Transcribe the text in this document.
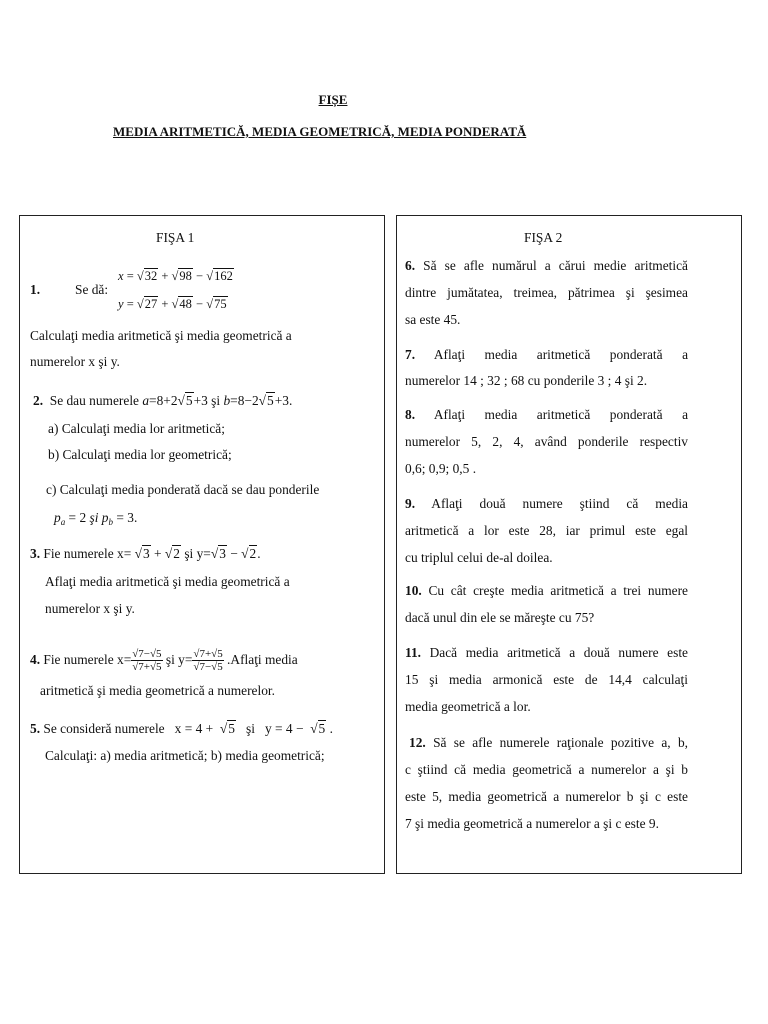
FIȘE
MEDIA ARITMETICĂ, MEDIA GEOMETRICĂ, MEDIA PONDERATĂ
FIŞA 1
1.	Se dă:
x = √32 + √98 − √162
y = √27 + √48 − √75
Calculaţi media aritmetică şi media geometrică a
numerelor x şi y.
2.  Se dau numerele a=8+2√5+3 şi b=8−2√5+3.
a) Calculaţi media lor aritmetică;
b) Calculaţi media lor geometrică;
c) Calculaţi media ponderată dacă se dau ponderile
$p_a = 2$ şi $p_b = 3$.
3. Fie numerele x= √3 + √2 şi y=√3 − √2.
Aflaţi media aritmetică şi media geometrică a
numerelor x şi y.
4. Fie numerele $x= \frac{√7-√5}{√7+√5}$ şi $y= \frac{√7+√5}{√7-√5}$ .Aflaţi media
aritmetică şi media geometrică a numerelor.
5. Se consideră numerele   x = 4 +  √5   şi   y = 4 −  √5 .
Calculaţi: a) media aritmetică; b) media geometrică;
FIŞA 2
6. Să se afle numărul a cărui medie aritmetică
dintre jumătatea, treimea, pătrimea şi şesimea
sa este 45.
7. Aflaţi media aritmetică ponderată a
numerelor 14 ; 32 ; 68 cu ponderile 3 ; 4 şi 2.
8. Aflaţi media aritmetică ponderată a
numerelor 5, 2, 4, având ponderile respectiv
0,6; 0,9; 0,5 .
9. Aflaţi două numere ştiind că media
aritmetică a lor este 28, iar primul este egal
cu triplul celui de-al doilea.
10. Cu cât creşte media aritmetică a trei numere
dacă unul din ele se măreşte cu 75?
11. Dacă media aritmetică a două numere este
15 şi media armonică este de 14,4 calculaţi
media geometrică a lor.
12. Să se afle numerele raţionale pozitive a, b,
c ştiind că media geometrică a numerelor a şi b
este 5, media geometrică a numerelor b şi c este
7 şi media geometrică a numerelor a şi c este 9.
